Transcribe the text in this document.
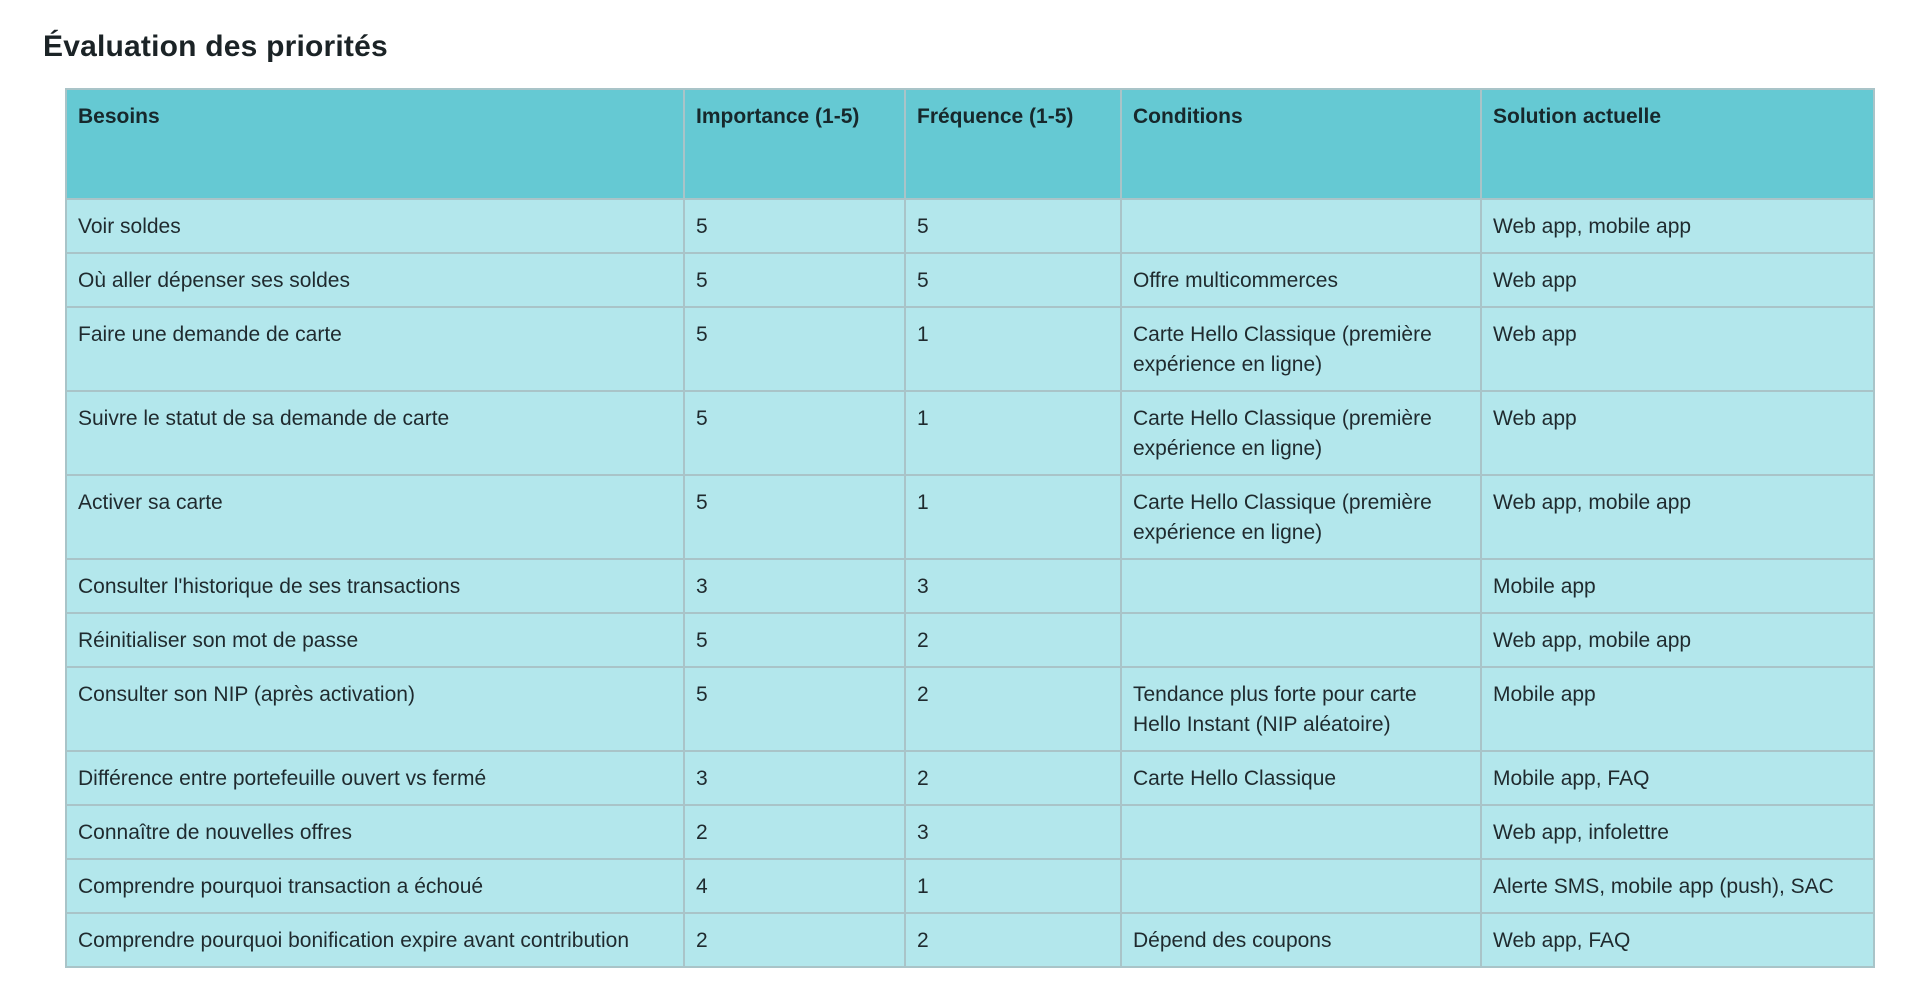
Évaluation des priorités
Besoins	Importance (1-5)	Fréquence (1-5)	Conditions	Solution actuelle
Voir soldes	5	5		Web app, mobile app
Où aller dépenser ses soldes	5	5	Offre multicommerces	Web app
Faire une demande de carte	5	1	Carte Hello Classique (première expérience en ligne)	Web app
Suivre le statut de sa demande de carte	5	1	Carte Hello Classique (première expérience en ligne)	Web app
Activer sa carte	5	1	Carte Hello Classique (première expérience en ligne)	Web app, mobile app
Consulter l'historique de ses transactions	3	3		Mobile app
Réinitialiser son mot de passe	5	2		Web app, mobile app
Consulter son NIP (après activation)	5	2	Tendance plus forte pour carte Hello Instant (NIP aléatoire)	Mobile app
Différence entre portefeuille ouvert vs fermé	3	2	Carte Hello Classique	Mobile app, FAQ
Connaître de nouvelles offres	2	3		Web app, infolettre
Comprendre pourquoi transaction a échoué	4	1		Alerte SMS, mobile app (push), SAC
Comprendre pourquoi bonification expire avant contribution	2	2	Dépend des coupons	Web app, FAQ
